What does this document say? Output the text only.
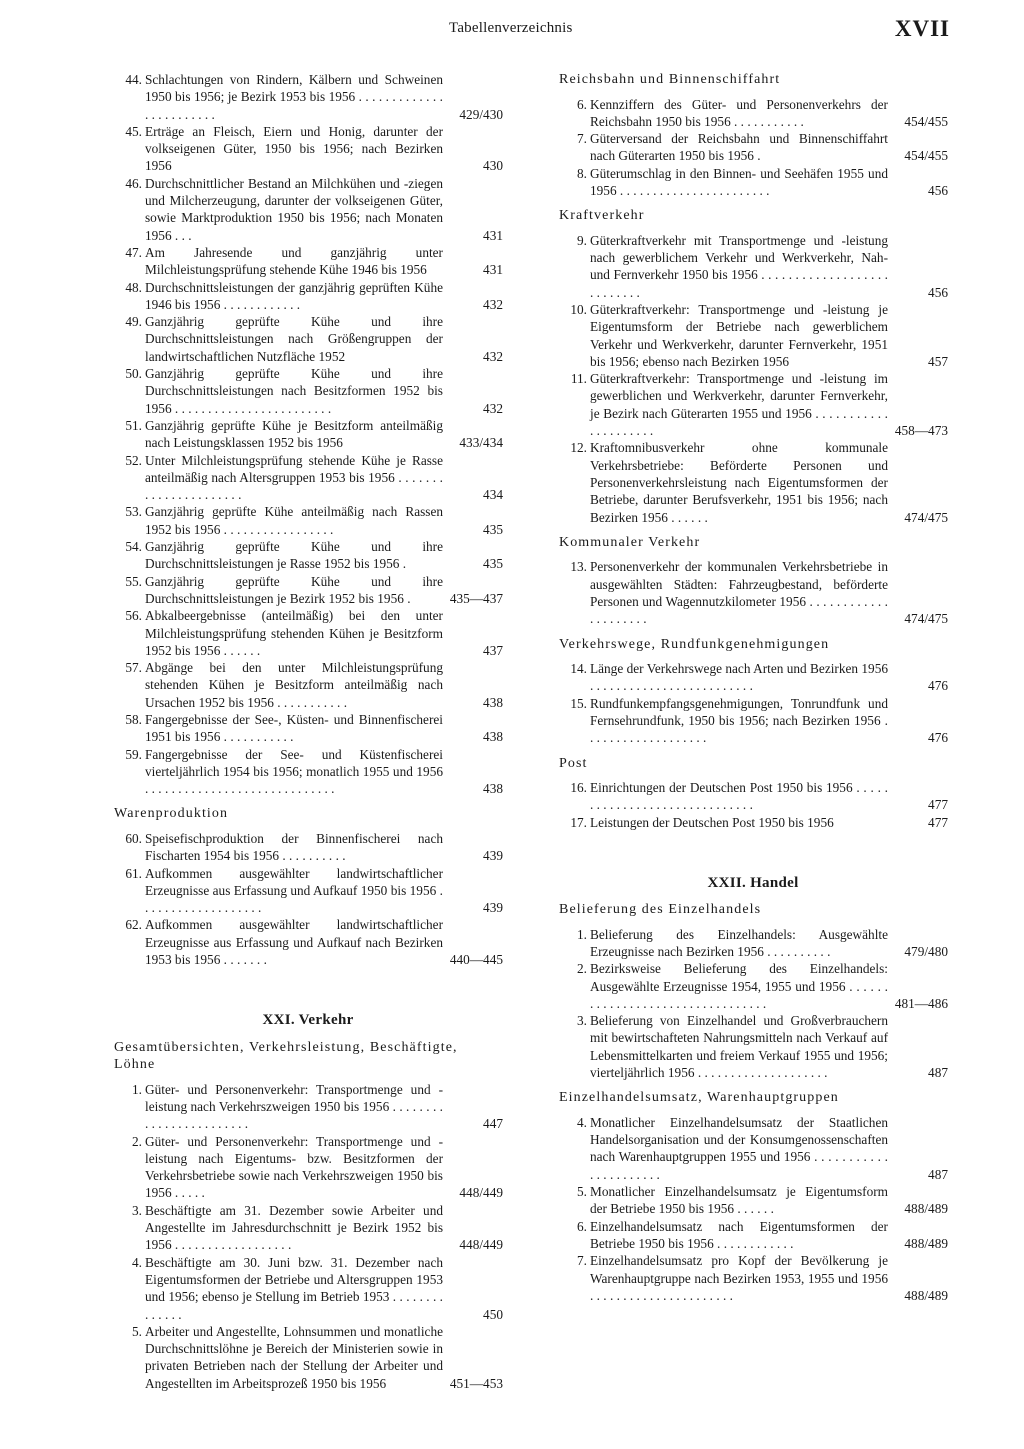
Tabellenverzeichnis	XVII
44. Schlachtungen von Rindern, Kälbern und Schweinen 1950 bis 1956; je Bezirk 1953 bis 1956 . . . . . . . . . . . . . . . . . . . . . . . .	429/430
45. Erträge an Fleisch, Eiern und Honig, darunter der volkseigenen Güter, 1950 bis 1956; nach Bezirken 1956	430
46. Durchschnittlicher Bestand an Milchkühen und -ziegen und Milcherzeugung, darunter der volkseigenen Güter, sowie Marktproduktion 1950 bis 1956; nach Monaten 1956 . . .	431
47. Am Jahresende und ganzjährig unter Milchleistungsprüfung stehende Kühe 1946 bis 1956	431
48. Durchschnittsleistungen der ganzjährig geprüften Kühe 1946 bis 1956 . . . . . . . . . . . .	432
49. Ganzjährig geprüfte Kühe und ihre Durchschnittsleistungen nach Größengruppen der landwirtschaftlichen Nutzfläche 1952	432
50. Ganzjährig geprüfte Kühe und ihre Durchschnittsleistungen nach Besitzformen 1952 bis 1956 . . . . . . . . . . . . . . . . . . . . . . . .	432
51. Ganzjährig geprüfte Kühe je Besitzform anteilmäßig nach Leistungsklassen 1952 bis 1956	433/434
52. Unter Milchleistungsprüfung stehende Kühe je Rasse anteilmäßig nach Altersgruppen 1953 bis 1956 . . . . . . . . . . . . . . . . . . . . . .	434
53. Ganzjährig geprüfte Kühe anteilmäßig nach Rassen 1952 bis 1956 . . . . . . . . . . . . . . . . .	435
54. Ganzjährig geprüfte Kühe und ihre Durchschnittsleistungen je Rasse 1952 bis 1956 .	435
55. Ganzjährig geprüfte Kühe und ihre Durchschnittsleistungen je Bezirk 1952 bis 1956 .	435—437
56. Abkalbeergebnisse (anteilmäßig) bei den unter Milchleistungsprüfung stehenden Kühen je Besitzform 1952 bis 1956 . . . . . .	437
57. Abgänge bei den unter Milchleistungsprüfung stehenden Kühen je Besitzform anteilmäßig nach Ursachen 1952 bis 1956 . . . . . . . . . . .	438
58. Fangergebnisse der See-, Küsten- und Binnenfischerei 1951 bis 1956 . . . . . . . . . . .	438
59. Fangergebnisse der See- und Küstenfischerei vierteljährlich 1954 bis 1956; monatlich 1955 und 1956 . . . . . . . . . . . . . . . . . . . . . . . . . . . . .	438
Warenproduktion
60. Speisefischproduktion der Binnenfischerei nach Fischarten 1954 bis 1956 . . . . . . . . . .	439
61. Aufkommen ausgewählter landwirtschaftlicher Erzeugnisse aus Erfassung und Aufkauf 1950 bis 1956 . . . . . . . . . . . . . . . . . . .	439
62. Aufkommen ausgewählter landwirtschaftlicher Erzeugnisse aus Erfassung und Aufkauf nach Bezirken 1953 bis 1956 . . . . . . .	440—445
XXI. Verkehr
Gesamtübersichten, Verkehrsleistung, Beschäftigte, Löhne
1. Güter- und Personenverkehr: Transportmenge und -leistung nach Verkehrszweigen 1950 bis 1956 . . . . . . . . . . . . . . . . . . . . . . . .	447
2. Güter- und Personenverkehr: Transportmenge und -leistung nach Eigentums- bzw. Besitzformen der Verkehrsbetriebe sowie nach Verkehrszweigen 1950 bis 1956 . . . . .	448/449
3. Beschäftigte am 31. Dezember sowie Arbeiter und Angestellte im Jahresdurchschnitt je Bezirk 1952 bis 1956 . . . . . . . . . . . . . . . . . .	448/449
4. Beschäftigte am 30. Juni bzw. 31. Dezember nach Eigentumsformen der Betriebe und Altersgruppen 1953 und 1956; ebenso je Stellung im Betrieb 1953 . . . . . . . . . . . . . .	450
5. Arbeiter und Angestellte, Lohnsummen und monatliche Durchschnittslöhne je Bereich der Ministerien sowie in privaten Betrieben nach der Stellung der Arbeiter und Angestellten im Arbeitsprozeß 1950 bis 1956	451—453
Reichsbahn und Binnenschiffahrt
6. Kennziffern des Güter- und Personenverkehrs der Reichsbahn 1950 bis 1956 . . . . . . . . . . .	454/455
7. Güterversand der Reichsbahn und Binnenschiffahrt nach Güterarten 1950 bis 1956 .	454/455
8. Güterumschlag in den Binnen- und Seehäfen 1955 und 1956 . . . . . . . . . . . . . . . . . . . . . . .	456
Kraftverkehr
9. Güterkraftverkehr mit Transportmenge und -leistung nach gewerblichem Verkehr und Werkverkehr, Nah- und Fernverkehr 1950 bis 1956 . . . . . . . . . . . . . . . . . . . . . . . . . . .	456
10. Güterkraftverkehr: Transportmenge und -leistung je Eigentumsform der Betriebe nach gewerblichem Verkehr und Werkverkehr, darunter Fernverkehr, 1951 bis 1956; ebenso nach Bezirken 1956	457
11. Güterkraftverkehr: Transportmenge und -leistung im gewerblichen und Werkverkehr, darunter Fernverkehr, je Bezirk nach Güterarten 1955 und 1956 . . . . . . . . . . . . . . . . . . . . .	458—473
12. Kraftomnibusverkehr ohne kommunale Verkehrsbetriebe: Beförderte Personen und Personenverkehrsleistung nach Eigentumsformen der Betriebe, darunter Berufsverkehr, 1951 bis 1956; nach Bezirken 1956 . . . . . .	474/475
Kommunaler Verkehr
13. Personenverkehr der kommunalen Verkehrsbetriebe in ausgewählten Städten: Fahrzeugbestand, beförderte Personen und Wagennutzkilometer 1956 . . . . . . . . . . . . . . . . . . . . .	474/475
Verkehrswege, Rundfunkgenehmigungen
14. Länge der Verkehrswege nach Arten und Bezirken 1956 . . . . . . . . . . . . . . . . . . . . . . . . .	476
15. Rundfunkempfangsgenehmigungen, Tonrundfunk und Fernsehrundfunk, 1950 bis 1956; nach Bezirken 1956 . . . . . . . . . . . . . . . . . . .	476
Post
16. Einrichtungen der Deutschen Post 1950 bis 1956 . . . . . . . . . . . . . . . . . . . . . . . . . . . . . .	477
17. Leistungen der Deutschen Post 1950 bis 1956	477
XXII. Handel
Belieferung des Einzelhandels
1. Belieferung des Einzelhandels: Ausgewählte Erzeugnisse nach Bezirken 1956 . . . . . . . . . .	479/480
2. Bezirksweise Belieferung des Einzelhandels: Ausgewählte Erzeugnisse 1954, 1955 und 1956 . . . . . . . . . . . . . . . . . . . . . . . . . . . . . . . . .	481—486
3. Belieferung von Einzelhandel und Großverbrauchern mit bewirtschafteten Nahrungsmitteln nach Verkauf auf Lebensmittelkarten und freiem Verkauf 1955 und 1956; vierteljährlich 1956 . . . . . . . . . . . . . . . . . . . .	487
Einzelhandelsumsatz, Warenhauptgruppen
4. Monatlicher Einzelhandelsumsatz der Staatlichen Handelsorganisation und der Konsumgenossenschaften nach Warenhauptgruppen 1955 und 1956 . . . . . . . . . . . . . . . . . . . . . .	487
5. Monatlicher Einzelhandelsumsatz je Eigentumsform der Betriebe 1950 bis 1956 . . . . . .	488/489
6. Einzelhandelsumsatz nach Eigentumsformen der Betriebe 1950 bis 1956 . . . . . . . . . . . .	488/489
7. Einzelhandelsumsatz pro Kopf der Bevölkerung je Warenhauptgruppe nach Bezirken 1953, 1955 und 1956 . . . . . . . . . . . . . . . . . . . . . .	488/489
